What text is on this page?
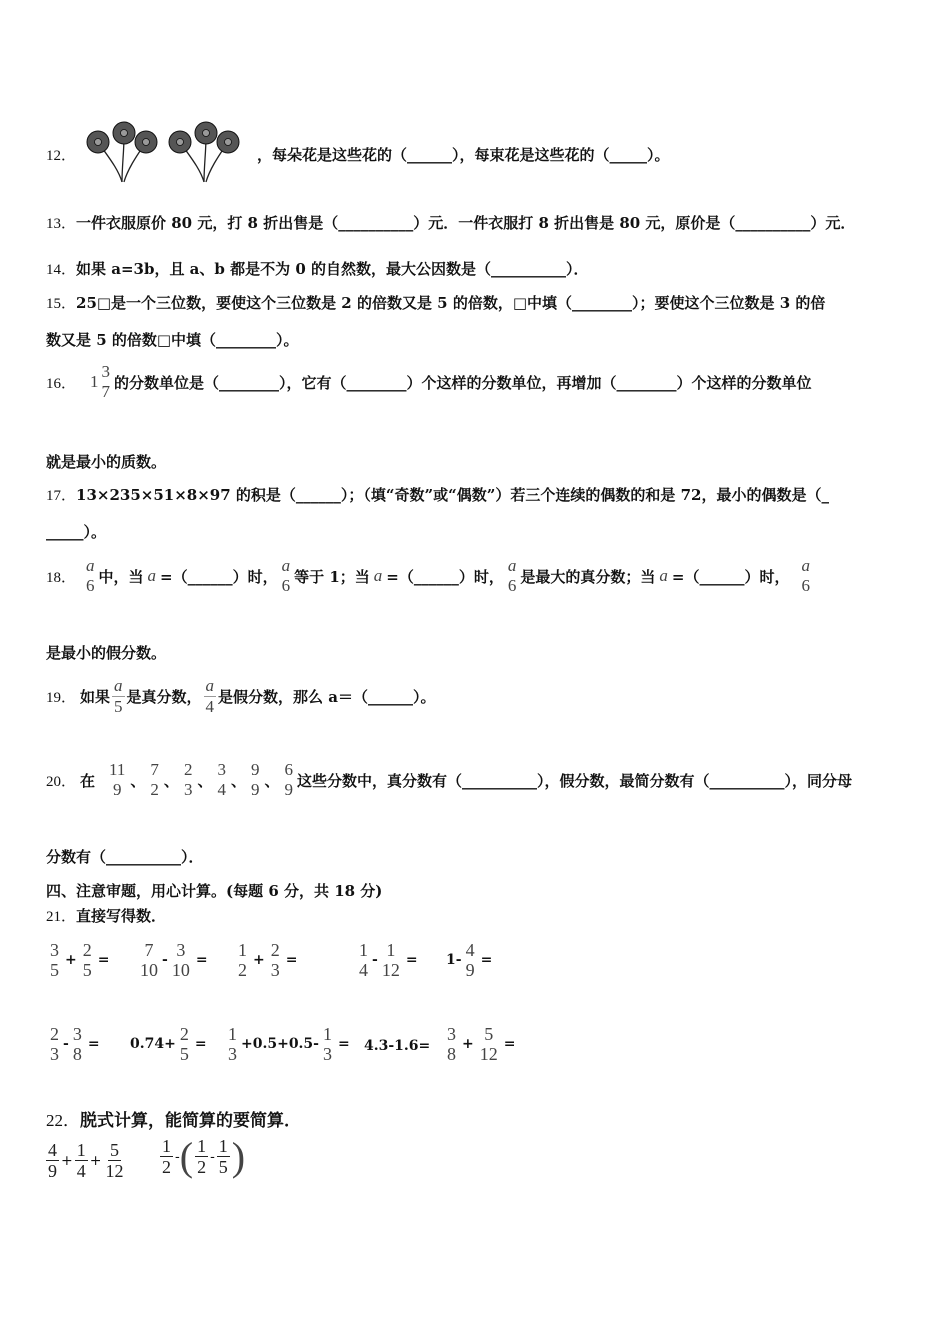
12．	，每朵花是这些花的（______），每束花是这些花的（_____）。
13．一件衣服原价 80 元，打 8 折出售是（__________）元．一件衣服打 8 折出售是 80 元，原价是（__________）元．
14．如果 a=3b，且 a、b 都是不为 0 的自然数，最大公因数是（__________）．
15．25□是一个三位数，要使这个三位数是 2 的倍数又是 5 的倍数，□中填（________）；要使这个三位数是 3 的倍
数又是 5 的倍数□中填（________）。
16． 1
3
7 的分数单位是（________），它有（________）个这样的分数单位，再增加（________）个这样的分数单位
就是最小的质数。
17．13×235×51×8×97 的积是（______）；（填“奇数”或“偶数”）若三个连续的偶数的和是 72，最小的偶数是（_
_____）。
18．
a
6 中，当 a =（______）时，
a
6 等于 1；当 a =（______）时，
a
6 是最大的真分数；当 a =（______）时，
a
6
是最小的假分数。
19． 如果 $\frac{a}{5}$ 是真分数， $\frac{a}{4}$ 是假分数，那么 a＝（______）。
20． 在
11
9 、
7
2 、
2
3 、
3
4 、
9
9 、
6
9 这些分数中，真分数有（__________），假分数，最简分数有（__________），同分母
分数有（__________）．
四、注意审题，用心计算。(每题 6 分，共 18 分)
21．直接写得数．
3
5 + 2
5 = 7
10 - 3
10 = 1
2 + 2
3 =	1
4 - 1
12 = 1- 4
9 =
2
3 - 3
8 = 0.74+ 2
5 = 1
3 +0.5+0.5- 1
3 = 4.3-1.6=
3
8 + 5
12 =
22．脱式计算，能简算的要简算．
$\frac{4}{9} + \frac{1}{4} + \frac{5}{12} \frac{1}{2}$ - ( $\frac{1}{2} - \frac{1}{5}$ )
